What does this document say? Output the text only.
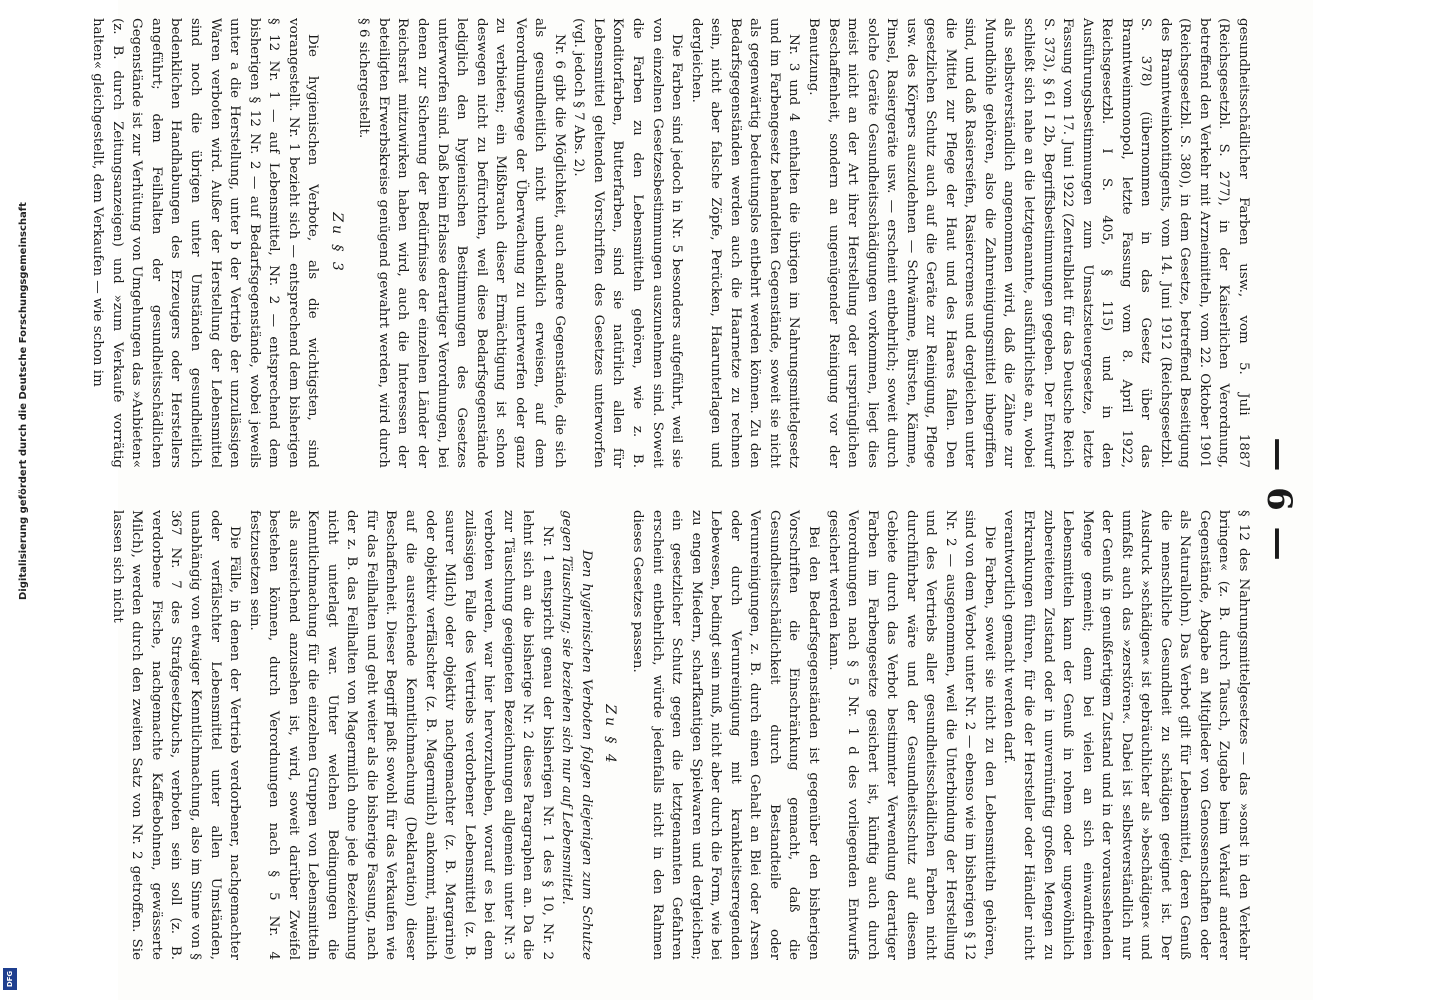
Digitalisierung gefördert durch die Deutsche Forschungsgemeinschaft
DFG
— 6 —

gesundheitsschädlicher Farben usw., vom 5. Juli 1887 (Reichsgesetzbl. S. 277), in der Kaiserlichen Verordnung, betreffend den Verkehr mit Arzneimitteln, vom 22. Oktober 1901 (Reichsgesetzbl. S. 380), in dem Gesetze, betreffend Beseitigung des Branntweinkontingents, vom 14. Juni 1912 (Reichsgesetzbl. S. 378) (übernommen in das Gesetz über das Branntweinmonopol, letzte Fassung vom 8. April 1922, Reichsgesetzbl. I S. 405, § 115) und in den Ausführungsbestimmungen zum Umsatzsteuergesetze, letzte Fassung vom 17. Juni 1922 (Zentralblatt für das Deutsche Reich S. 373), § 61 I 2b, Begriffsbestimmungen gegeben. Der Entwurf schließt sich nahe an die letztgenannte, ausführlichste an, wobei als selbstverständlich angenommen wird, daß die Zähne zur Mundhöhle gehören, also die Zahnreinigungsmittel inbegriffen sind, und daß Rasierseifen, Rasiercremes und dergleichen unter die Mittel zur Pflege der Haut und des Haares fallen. Den gesetzlichen Schutz auch auf die Geräte zur Reinigung, Pflege usw. des Körpers auszudehnen — Schwämme, Bürsten, Kämme, Pinsel, Rasiergeräte usw. — erscheint entbehrlich; soweit durch solche Geräte Gesundheitsschädigungen vorkommen, liegt dies meist nicht an der Art ihrer Herstellung oder ursprünglichen Beschaffenheit, sondern an ungenügender Reinigung vor der Benutzung.

Nr. 3 und 4 enthalten die übrigen im Nahrungsmittelgesetz und im Farbengesetz behandelten Gegenstände, soweit sie nicht als gegenwärtig bedeutungslos entbehrt werden können. Zu den Bedarfsgegenständen werden auch die Haarnetze zu rechnen sein, nicht aber falsche Zöpfe, Perücken, Haarunterlagen und dergleichen.

Die Farben sind jedoch in Nr. 5 besonders aufgeführt, weil sie von einzelnen Gesetzesbestimmungen auszunehmen sind. Soweit die Farben zu den Lebensmitteln gehören, wie z. B. Konditorfarben, Butterfarben, sind sie natürlich allen für Lebensmittel geltenden Vorschriften des Gesetzes unterworfen (vgl. jedoch § 7 Abs. 2).

Nr. 6 gibt die Möglichkeit, auch andere Gegenstände, die sich als gesundheitlich nicht unbedenklich erweisen, auf dem Verordnungswege der Überwachung zu unterwerfen oder ganz zu verbieten; ein Mißbrauch dieser Ermächtigung ist schon deswegen nicht zu befürchten, weil diese Bedarfsgegenstände lediglich den hygienischen Bestimmungen des Gesetzes unterworfen sind. Daß beim Erlasse derartiger Verordnungen, bei denen zur Sicherung der Bedürfnisse der einzelnen Länder der Reichsrat mitzuwirken haben wird, auch die Interessen der beteiligten Erwerbskreise genügend gewahrt werden, wird durch § 6 sichergestellt.

Zu § 3

Die hygienischen Verbote, als die wichtigsten, sind vorangestellt. Nr. 1 bezieht sich — entsprechend dem bisherigen § 12 Nr. 1 — auf Lebensmittel, Nr. 2 — entsprechend dem bisherigen § 12 Nr. 2 — auf Bedarfsgegenstände, wobei jeweils unter a die Herstellung, unter b der Vertrieb der unzulässigen Waren verboten wird. Außer der Herstellung der Lebensmittel sind noch die übrigen unter Umständen gesundheitlich bedenklichen Handhabungen des Erzeugers oder Herstellers angeführt; dem Feilhalten der gesundheitsschädlichen Gegenstände ist zur Verhütung von Umgehungen das »Anbieten« (z. B. durch Zeitungsanzeigen) und »zum Verkaufe vorrätig halten« gleichgestellt, dem Verkaufen — wie schon im

§ 12 des Nahrungsmittelgesetzes — das »sonst in den Verkehr bringen« (z. B. durch Tausch, Zugabe beim Verkauf anderer Gegenstände, Abgabe an Mitglieder von Genossenschaften oder als Naturallohn). Das Verbot gilt für Lebensmittel, deren Genuß die menschliche Gesundheit zu schädigen geeignet ist. Der Ausdruck »schädigen« ist gebräuchlicher als »beschädigen« und umfaßt auch das »zerstören«. Dabei ist selbstverständlich nur der Genuß in genußfertigem Zustand und in der voraussehenden Menge gemeint; denn bei vielen an sich einwandfreien Lebensmitteln kann der Genuß in rohem oder ungewöhnlich zubereitetem Zustand oder in unvernünftig großen Mengen zu Erkrankungen führen, für die der Hersteller oder Händler nicht verantwortlich gemacht werden darf.

Die Farben, soweit sie nicht zu den Lebensmitteln gehören, sind von dem Verbot unter Nr. 2 — ebenso wie im bisherigen § 12 Nr. 2 — ausgenommen, weil die Unterbindung der Herstellung und des Vertriebs aller gesundheitsschädlichen Farben nicht durchführbar wäre und der Gesundheitsschutz auf diesem Gebiete durch das Verbot bestimmter Verwendung derartiger Farben im Farbengesetze gesichert ist, künftig auch durch Verordnungen nach § 5 Nr. 1 d des vorliegenden Entwurfs gesichert werden kann.

Bei den Bedarfsgegenständen ist gegenüber den bisherigen Vorschriften die Einschränkung gemacht, daß die Gesundheitsschädlichkeit durch Bestandteile oder Verunreinigungen, z. B. durch einen Gehalt an Blei oder Arsen oder durch Verunreinigung mit krankheitserregenden Lebewesen, bedingt sein muß, nicht aber durch die Form, wie bei zu engen Miedern, scharfkantigen Spielwaren und dergleichen; ein gesetzlicher Schutz gegen die letztgenannten Gefahren erscheint entbehrlich, würde jedenfalls nicht in den Rahmen dieses Gesetzes passen.

Zu § 4

Den hygienischen Verboten folgen diejenigen zum Schutze gegen Täuschung; sie beziehen sich nur auf Lebensmittel.

Nr. 1 entspricht genau der bisherigen Nr. 1 des § 10, Nr. 2 lehnt sich an die bisherige Nr. 2 dieses Paragraphen an. Da die zur Täuschung geeigneten Bezeichnungen allgemein unter Nr. 3 verboten werden, war hier hervorzuheben, worauf es bei dem zulässigen Falle des Vertriebs verdorbener Lebensmittel (z. B. saurer Milch) oder objektiv nachgemachter (z. B. Margarine) oder objektiv verfälschter (z. B. Magermilch) ankommt, nämlich auf die ausreichende Kenntlichmachung (Deklaration) dieser Beschaffenheit. Dieser Begriff paßt sowohl für das Verkaufen wie für das Feilhalten und geht weiter als die bisherige Fassung, nach der z. B. das Feilhalten von Magermilch ohne jede Bezeichnung nicht unterlagt war. Unter welchen Bedingungen die Kenntlichmachung für die einzelnen Gruppen von Lebensmitteln als ausreichend anzusehen ist, wird, soweit darüber Zweifel bestehen können, durch Verordnungen nach § 5 Nr. 4 festzusetzen sein.

Die Fälle, in denen der Vertrieb verdorbener, nachgemachter oder verfälschter Lebensmittel unter allen Umständen, unabhängig von etwaiger Kenntlichmachung, also im Sinne von § 367 Nr. 7 des Strafgesetzbuchs, verboten sein soll (z. B. verdorbene Fische, nachgemachte Kaffeebohnen, gewässerte Milch), werden durch den zweiten Satz von Nr. 2 getroffen. Sie lassen sich nicht
